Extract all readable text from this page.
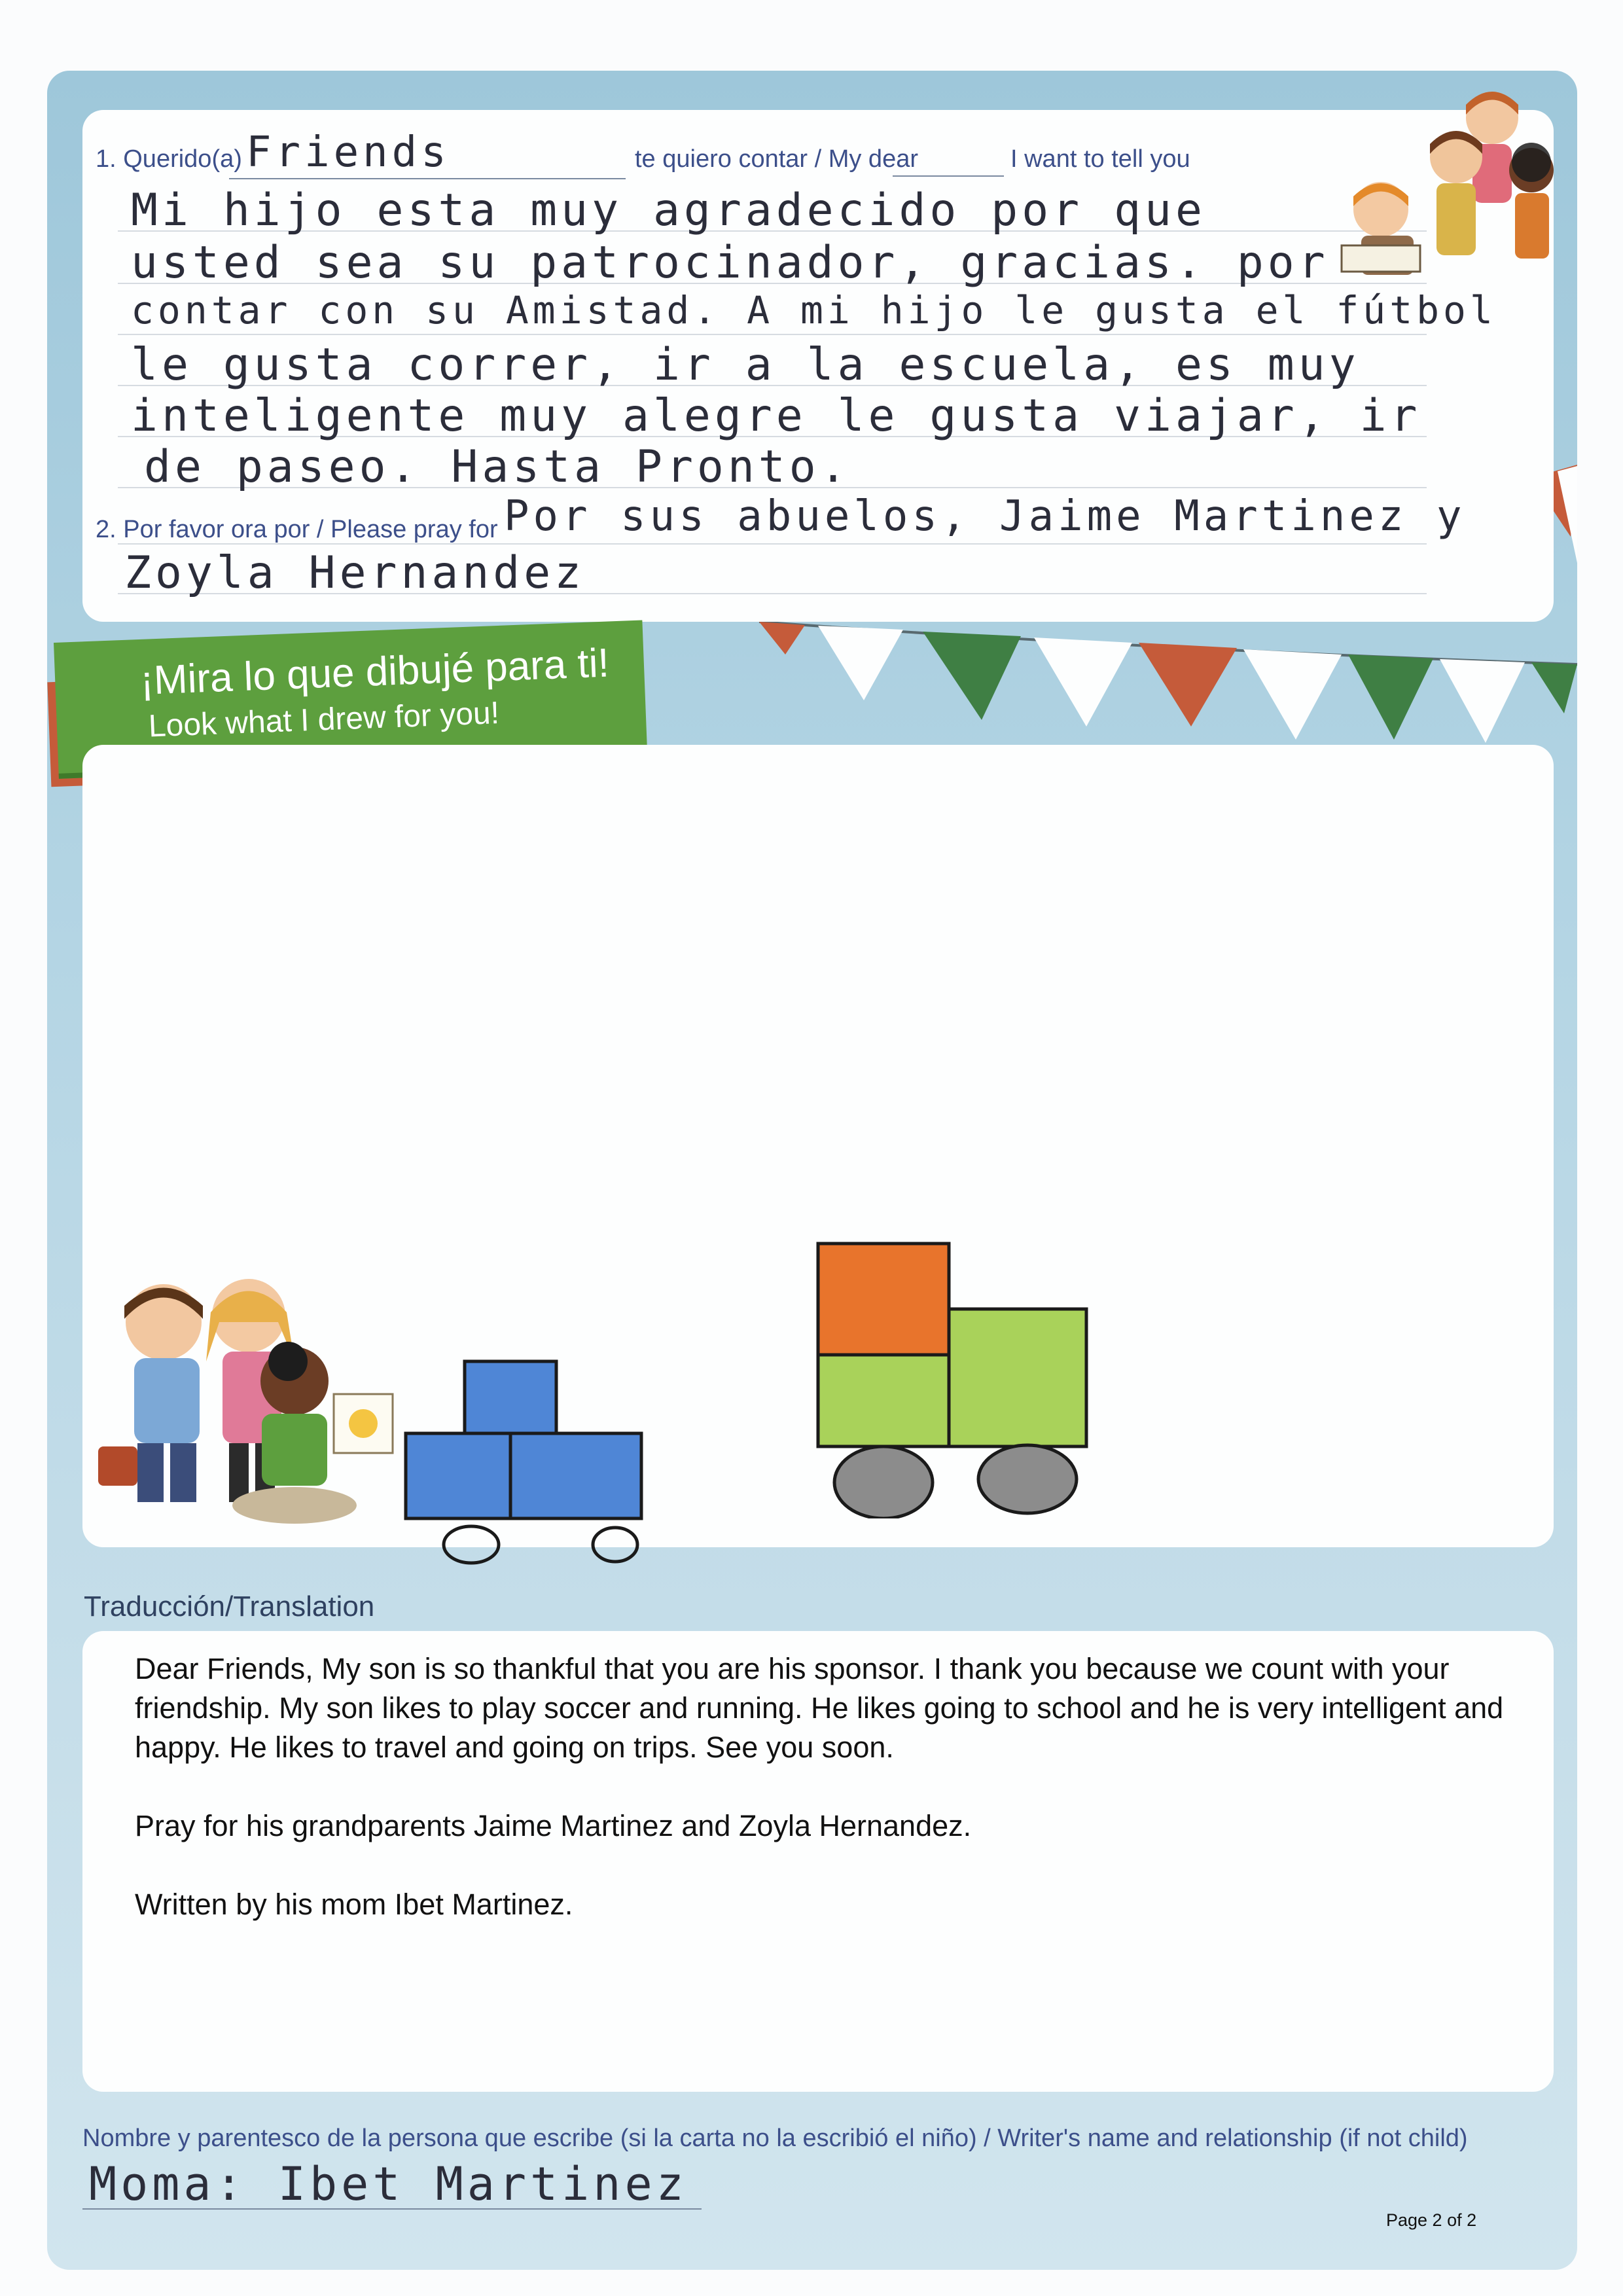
1. Querido(a) Friends	te quiero contar / My dear	I want to tell you
Mi hijo esta muy agradecido por que
usted sea su patrocinador, gracias. por
contar con su Amistad. A mi hijo le gusta el fútbol
le gusta correr, ir a la escuela, es muy
inteligente muy alegre le gusta viajar, ir
de paseo. Hasta Pronto.
2. Por favor ora por / Please pray for Por sus abuelos, Jaime Martinez y
Zoyla Hernandez
¡Mira lo que dibujé para ti!
Look what I drew for you!
Traducción/Translation

Dear Friends, My son is so thankful that you are his sponsor. I thank you because we count with your friendship. My son likes to play soccer and running. He likes going to school and he is very intelligent and happy. He likes to travel and going on trips. See you soon.

Pray for his grandparents Jaime Martinez and Zoyla Hernandez.

Written by his mom Ibet Martinez.

Nombre y parentesco de la persona que escribe (si la carta no la escribió el niño) / Writer's name and relationship (if not child)
Moma: Ibet Martinez
Page 2 of 2
